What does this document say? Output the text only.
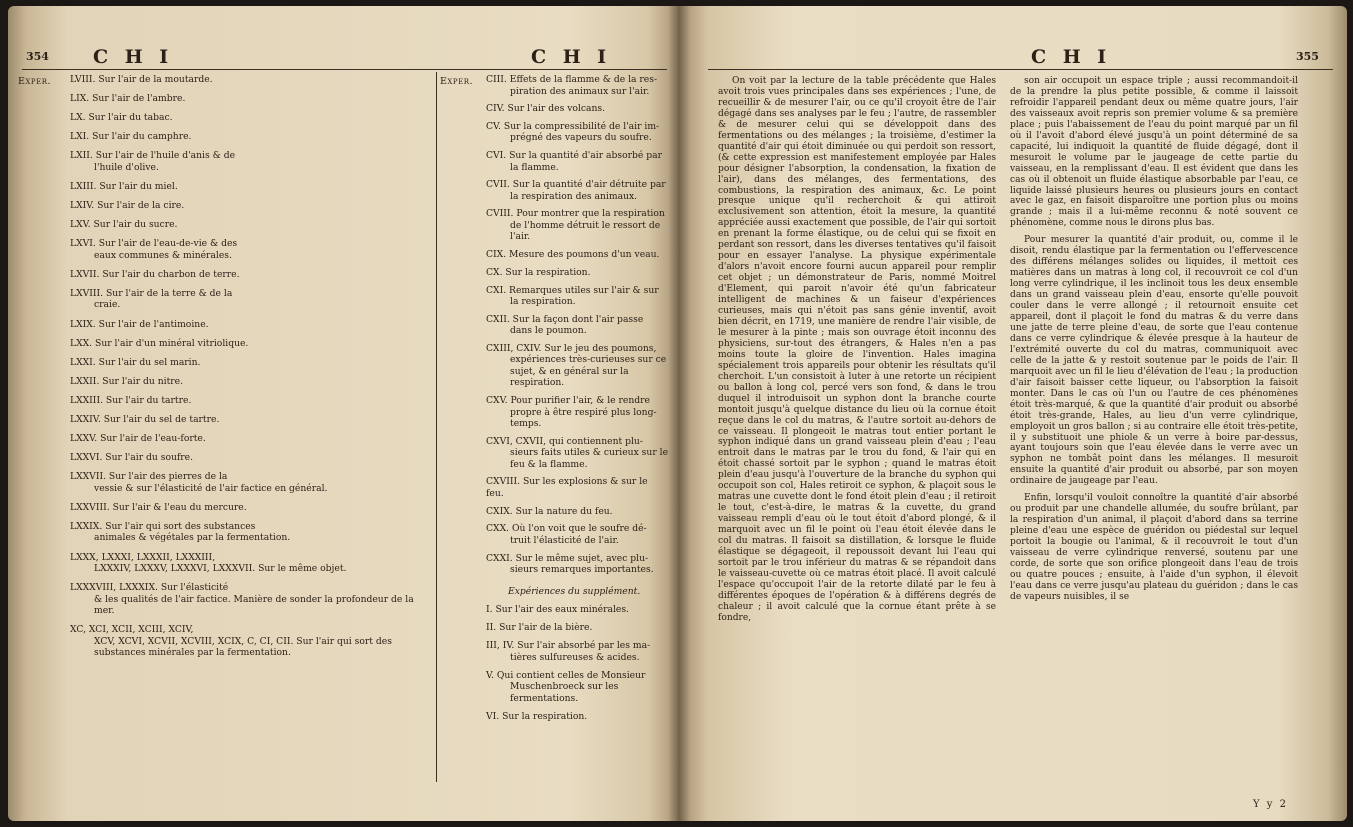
354 C H I	C H I
Exper.	Exper.
LVIII. Sur l'air de la moutarde.
LIX. Sur l'air de l'ambre.
LX. Sur l'air du tabac.
LXI. Sur l'air du camphre.
LXII. Sur l'air de l'huile d'anis & de
l'huile d'olive.
LXIII. Sur l'air du miel.
LXIV. Sur l'air de la cire.
LXV. Sur l'air du sucre.
LXVI. Sur l'air de l'eau-de-vie & des
eaux communes & minérales.
LXVII. Sur l'air du charbon de terre.
LXVIII. Sur l'air de la terre & de la
craie.
LXIX. Sur l'air de l'antimoine.
LXX. Sur l'air d'un minéral vitriolique.
LXXI. Sur l'air du sel marin.
LXXII. Sur l'air du nitre.
LXXIII. Sur l'air du tartre.
LXXIV. Sur l'air du sel de tartre.
LXXV. Sur l'air de l'eau-forte.
LXXVI. Sur l'air du soufre.
LXXVII. Sur l'air des pierres de la
vessie & sur l'élasticité de l'air factice en général.
LXXVIII. Sur l'air & l'eau du mercure.
LXXIX. Sur l'air qui sort des substances
animales & végétales par la fermentation.
LXXX, LXXXI, LXXXII, LXXXIII,
LXXXIV, LXXXV, LXXXVI, LXXXVII. Sur le même objet.
LXXXVIII, LXXXIX. Sur l'élasticité
& les qualités de l'air factice. Manière de sonder la profondeur de la mer.
XC, XCI, XCII, XCIII, XCIV,
XCV, XCVI, XCVII, XCVIII, XCIX, C, CI, CII. Sur l'air qui sort des substances minérales par la fermentation.
CIII. Effets de la flamme & de la res-
piration des animaux sur l'air.
CIV. Sur l'air des volcans.
CV. Sur la compressibilité de l'air im-
prégné des vapeurs du soufre.
CVI. Sur la quantité d'air absorbé par
la flamme.
CVII. Sur la quantité d'air détruite par
la respiration des animaux.
CVIII. Pour montrer que la respiration
de l'homme détruit le ressort de l'air.
CIX. Mesure des poumons d'un veau.
CX. Sur la respiration.
CXI. Remarques utiles sur l'air & sur
la respiration.
CXII. Sur la façon dont l'air passe
dans le poumon.
CXIII, CXIV. Sur le jeu des poumons,
expériences très-curieuses sur ce sujet, & en général sur la respiration.
CXV. Pour purifier l'air, & le rendre
propre à être respiré plus long-temps.
CXVI, CXVII, qui contiennent plu-
sieurs faits utiles & curieux sur le feu & la flamme.
CXVIII. Sur les explosions & sur le feu.
CXIX. Sur la nature du feu.
CXX. Où l'on voit que le soufre dé-
truit l'élasticité de l'air.
CXXI. Sur le même sujet, avec plu-
sieurs remarques importantes.
Expériences du supplément.
I. Sur l'air des eaux minérales.
II. Sur l'air de la bière.
III, IV. Sur l'air absorbé par les ma-
tières sulfureuses & acides.
V. Qui contient celles de Monsieur
Muschenbroeck sur les fermentations.
VI. Sur la respiration.
C H I	355

On voit par la lecture de la table précédente que Hales avoit trois vues principales dans ses expériences ; l'une, de recueillir & de mesurer l'air, ou ce qu'il croyoit être de l'air dégagé dans ses analyses par le feu ; l'autre, de rassembler & de mesurer celui qui se développoit dans des fermentations ou des mélanges ; la troisième, d'estimer la quantité d'air qui étoit diminuée ou qui perdoit son ressort, (& cette expression est manifestement employée par Hales pour désigner l'absorption, la condensation, la fixation de l'air), dans des mélanges, des fermentations, des combustions, la respiration des animaux, &c. Le point presque unique qu'il recherchoit & qui attiroit exclusivement son attention, étoit la mesure, la quantité appréciée aussi exactement que possible, de l'air qui sortoit en prenant la forme élastique, ou de celui qui se fixoit en perdant son ressort, dans les diverses tentatives qu'il faisoit pour en essayer l'analyse. La physique expérimentale d'alors n'avoit encore fourni aucun appareil pour remplir cet objet ; un démonstrateur de Paris, nommé Moitrel d'Element, qui paroit n'avoir été qu'un fabricateur intelligent de machines & un faiseur d'expériences curieuses, mais qui n'étoit pas sans génie inventif, avoit bien décrit, en 1719, une manière de rendre l'air visible, de le mesurer à la pinte ; mais son ouvrage étoit inconnu des physiciens, sur-tout des étrangers, & Hales n'en a pas moins toute la gloire de l'invention. Hales imagina spécialement trois appareils pour obtenir les résultats qu'il cherchoit. L'un consistoit à luter à une retorte un récipient ou ballon à long col, percé vers son fond, & dans le trou duquel il introduisoit un syphon dont la branche courte montoit jusqu'à quelque distance du lieu où la cornue étoit reçue dans le col du matras, & l'autre sortoit au-dehors de ce vaisseau. Il plongeoit le matras tout entier portant le syphon indiqué dans un grand vaisseau plein d'eau ; l'eau entroit dans le matras par le trou du fond, & l'air qui en étoit chassé sortoit par le syphon ; quand le matras étoit plein d'eau jusqu'à l'ouverture de la branche du syphon qui occupoit son col, Hales retiroit ce syphon, & plaçoit sous le matras une cuvette dont le fond étoit plein d'eau ; il retiroit le tout, c'est-à-dire, le matras & la cuvette, du grand vaisseau rempli d'eau où le tout étoit d'abord plongé, & il marquoit avec un fil le point où l'eau étoit élevée dans le col du matras. Il faisoit sa distillation, & lorsque le fluide élastique se dégageoit, il repoussoit devant lui l'eau qui sortoit par le trou inférieur du matras & se répandoit dans le vaisseau-cuvette où ce matras étoit placé. Il avoit calculé l'espace qu'occupoit l'air de la retorte dilaté par le feu à différentes époques de l'opération & à différens degrés de chaleur ; il avoit calculé que la cornue étant prête à se fondre,

son air occupoit un espace triple ; aussi recommandoit-il de la prendre la plus petite possible, & comme il laissoit refroidir l'appareil pendant deux ou même quatre jours, l'air des vaisseaux avoit repris son premier volume & sa première place ; puis l'abaissement de l'eau du point marqué par un fil où il l'avoit d'abord élevé jusqu'à un point déterminé de sa capacité, lui indiquoit la quantité de fluide dégagé, dont il mesuroit le volume par le jaugeage de cette partie du vaisseau, en la remplissant d'eau. Il est évident que dans les cas où il obtenoit un fluide élastique absorbable par l'eau, ce liquide laissé plusieurs heures ou plusieurs jours en contact avec le gaz, en faisoit disparoître une portion plus ou moins grande ; mais il a lui-même reconnu & noté souvent ce phénomène, comme nous le dirons plus bas.

Pour mesurer la quantité d'air produit, ou, comme il le disoit, rendu élastique par la fermentation ou l'effervescence des différens mélanges solides ou liquides, il mettoit ces matières dans un matras à long col, il recouvroit ce col d'un long verre cylindrique, il les inclinoit tous les deux ensemble dans un grand vaisseau plein d'eau, ensorte qu'elle pouvoit couler dans le verre allongé ; il retournoit ensuite cet appareil, dont il plaçoit le fond du matras & du verre dans une jatte de terre pleine d'eau, de sorte que l'eau contenue dans ce verre cylindrique & élevée presque à la hauteur de l'extrémité ouverte du col du matras, communiquoit avec celle de la jatte & y restoit soutenue par le poids de l'air. Il marquoit avec un fil le lieu d'élévation de l'eau ; la production d'air faisoit baisser cette liqueur, ou l'absorption la faisoit monter. Dans le cas où l'un ou l'autre de ces phénomènes étoit très-marqué, & que la quantité d'air produit ou absorbé étoit très-grande, Hales, au lieu d'un verre cylindrique, employoit un gros ballon ; si au contraire elle étoit très-petite, il y substituoit une phiole & un verre à boire par-dessus, ayant toujours soin que l'eau élevée dans le verre avec un syphon ne tombât point dans les mélanges. Il mesuroit ensuite la quantité d'air produit ou absorbé, par son moyen ordinaire de jaugeage par l'eau.

Enfin, lorsqu'il vouloit connoître la quantité d'air absorbé ou produit par une chandelle allumée, du soufre brûlant, par la respiration d'un animal, il plaçoit d'abord dans sa terrine pleine d'eau une espèce de guéridon ou piédestal sur lequel portoit la bougie ou l'animal, & il recouvroit le tout d'un vaisseau de verre cylindrique renversé, soutenu par une corde, de sorte que son orifice plongeoit dans l'eau de trois ou quatre pouces ; ensuite, à l'aide d'un syphon, il élevoit l'eau dans ce verre jusqu'au plateau du guéridon ; dans le cas de vapeurs nuisibles, il se

Y y 2
